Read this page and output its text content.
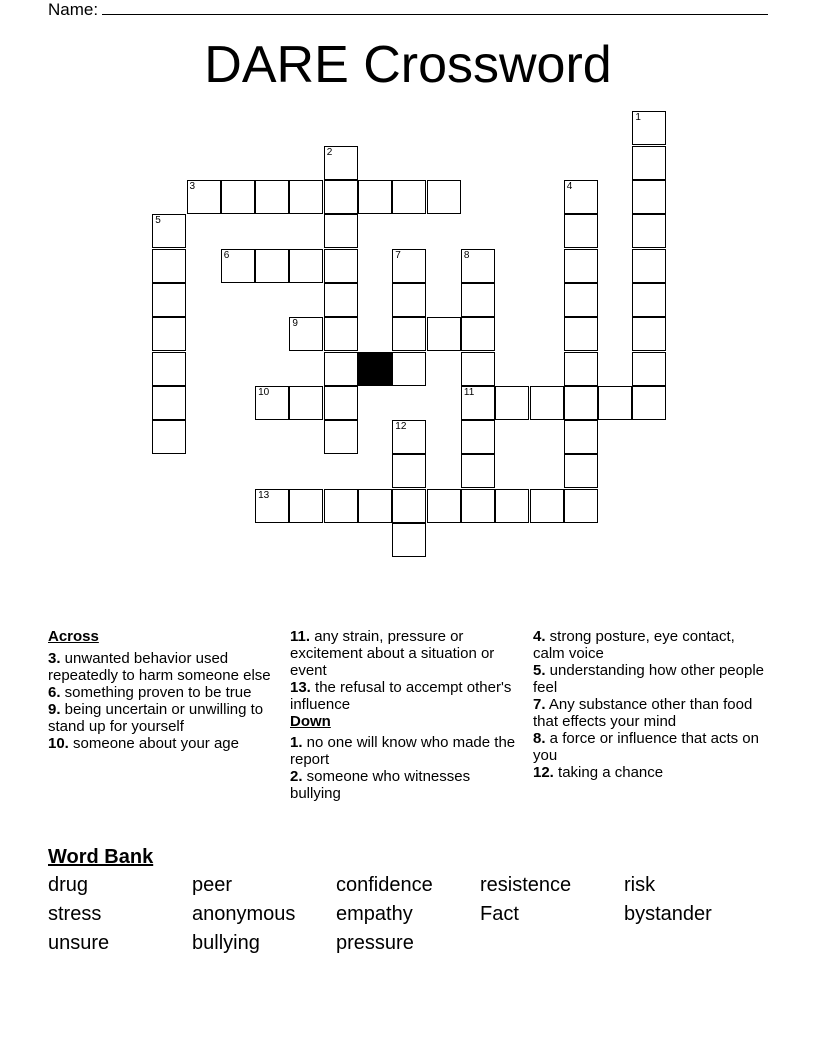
Name:
DARE Crossword
1
2
3	4
5
6	7	8
9
10	11
12
13
Across
3. unwanted behavior used repeatedly to harm someone else
6. something proven to be true
9. being uncertain or unwilling to stand up for yourself
10. someone about your age
11. any strain, pressure or excitement about a situation or event
13. the refusal to accempt other's influence
Down
1. no one will know who made the report
2. someone who witnesses bullying
4. strong posture, eye contact, calm voice
5. understanding how other people feel
7. Any substance other than food that effects your mind
8. a force or influence that acts on you
12. taking a chance
Word Bank
drug	peer	confidence	resistence	risk
stress	anonymous	empathy	Fact	bystander
unsure	bullying	pressure
